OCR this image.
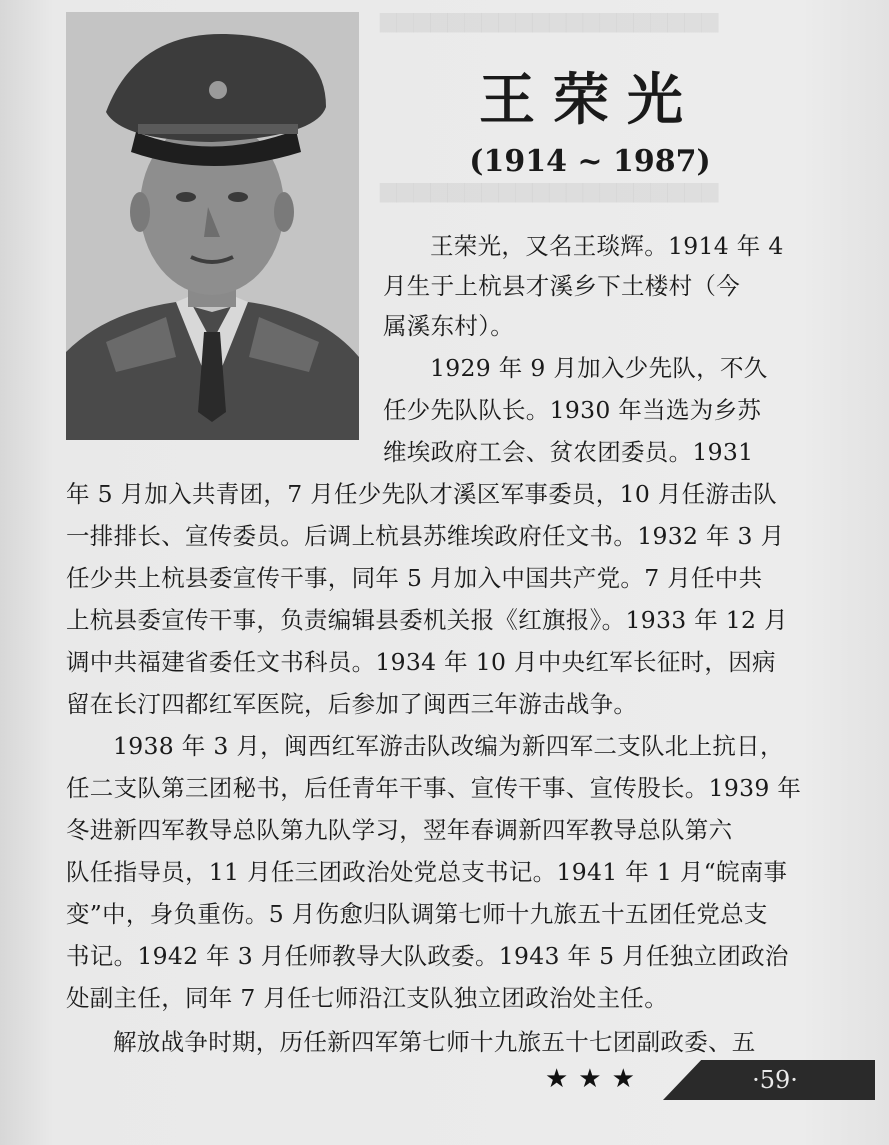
▆▆▆▆▆▆▆▆▆▆▆▆▆▆▆▆▆▆▆▆
▆▆▆▆▆▆▆▆▆▆▆▆▆▆▆▆▆▆▆▆
王荣光
(1914 ~ 1987)
王荣光，又名王琰辉。1914 年 4
月生于上杭县才溪乡下土楼村（今
属溪东村）。
1929 年 9 月加入少先队，不久
任少先队队长。1930 年当选为乡苏
维埃政府工会、贫农团委员。1931
年 5 月加入共青团，7 月任少先队才溪区军事委员，10 月任游击队
一排排长、宣传委员。后调上杭县苏维埃政府任文书。1932 年 3 月
任少共上杭县委宣传干事，同年 5 月加入中国共产党。7 月任中共
上杭县委宣传干事，负责编辑县委机关报《红旗报》。1933 年 12 月
调中共福建省委任文书科员。1934 年 10 月中央红军长征时，因病
留在长汀四都红军医院，后参加了闽西三年游击战争。
1938 年 3 月，闽西红军游击队改编为新四军二支队北上抗日，
任二支队第三团秘书，后任青年干事、宣传干事、宣传股长。1939 年
冬进新四军教导总队第九队学习，翌年春调新四军教导总队第六
队任指导员，11 月任三团政治处党总支书记。1941 年 1 月“皖南事
变”中，身负重伤。5 月伤愈归队调第七师十九旅五十五团任党总支
书记。1942 年 3 月任师教导大队政委。1943 年 5 月任独立团政治
处副主任，同年 7 月任七师沿江支队独立团政治处主任。
解放战争时期，历任新四军第七师十九旅五十七团副政委、五
★★★	·59·
